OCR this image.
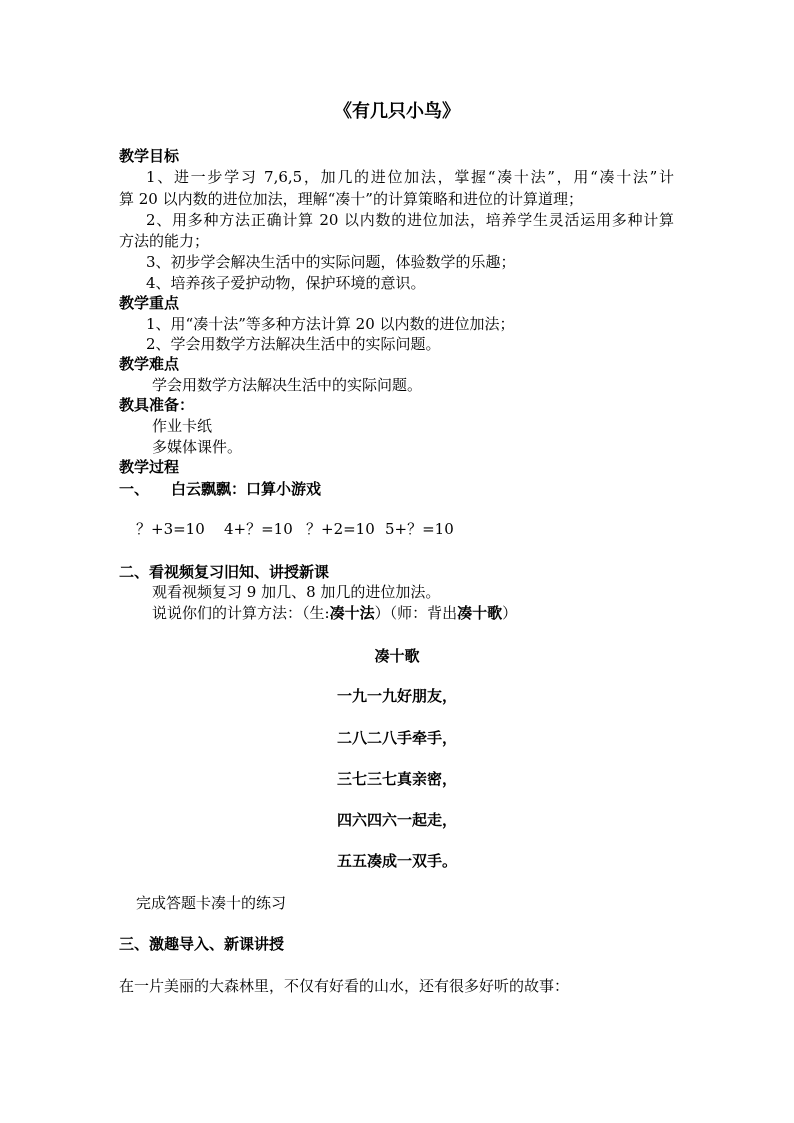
《有几只小鸟》
教学目标
1、进一步学习 7,6,5，加几的进位加法，掌握“凑十法”，用“凑十法”计
算 20 以内数的进位加法，理解“凑十”的计算策略和进位的计算道理；
2、用多种方法正确计算 20 以内数的进位加法，培养学生灵活运用多种计算
方法的能力；
3、初步学会解决生活中的实际问题，体验数学的乐趣；
4、培养孩子爱护动物，保护环境的意识。
教学重点
1、用“凑十法”等多种方法计算 20 以内数的进位加法；
2、学会用数学方法解决生活中的实际问题。
教学难点
学会用数学方法解决生活中的实际问题。
教具准备：
作业卡纸
多媒体课件。
教学过程
一、 白云飘飘：口算小游戏
？+3=10 4+？=10 ？+2=10 5+？=10
二、看视频复习旧知、讲授新课
观看视频复习 9 加几、8 加几的进位加法。
说说你们的计算方法：（生:凑十法）（师：背出凑十歌）
凑十歌
一九一九好朋友，
二八二八手牵手，
三七三七真亲密，
四六四六一起走，
五五凑成一双手。
完成答题卡凑十的练习
三、激趣导入、新课讲授
在一片美丽的大森林里，不仅有好看的山水，还有很多好听的故事：
